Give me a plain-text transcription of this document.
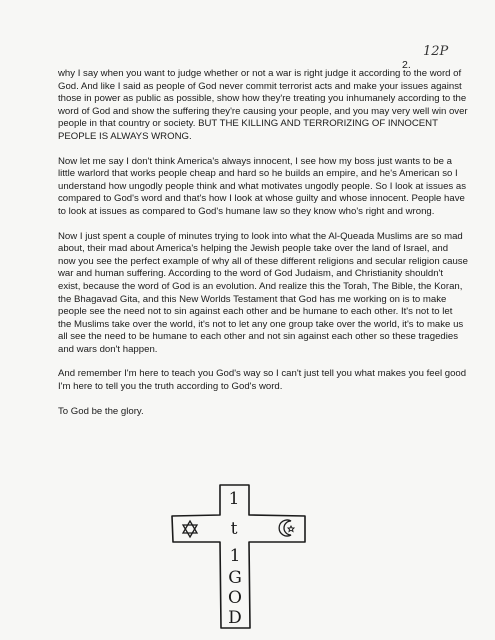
12P
2.

why I say when you want to judge whether or not a war is right judge it according to the word of God. And like I said as people of God never commit terrorist acts and make your issues against those in power as public as possible, show how they're treating you inhumanely according to the word of God and show the suffering they're causing your people, and you may very well win over people in that country or society. BUT THE KILLING AND TERRORIZING OF INNOCENT PEOPLE IS ALWAYS WRONG.

Now let me say I don't think America's always innocent, I see how my boss just wants to be a little warlord that works people cheap and hard so he builds an empire, and he's American so I understand how ungodly people think and what motivates ungodly people. So I look at issues as compared to God's word and that's how I look at whose guilty and whose innocent. People have to look at issues as compared to God's humane law so they know who's right and wrong.

Now I just spent a couple of minutes trying to look into what the Al-Queada Muslims are so mad about, their mad about America's helping the Jewish people take over the land of Israel, and now you see the perfect example of why all of these different religions and secular religion cause war and human suffering. According to the word of God Judaism, and Christianity shouldn't exist, because the word of God is an evolution. And realize this the Torah, The Bible, the Koran, the Bhagavad Gita, and this New Worlds Testament that God has me working on is to make people see the need not to sin against each other and be humane to each other. It's not to let the Muslims take over the world, it's not to let any one group take over the world, it's to make us all see the need to be humane to each other and not sin against each other so these tragedies and wars don't happen.

And remember I'm here to teach you God's way so I can't just tell you what makes you feel good I'm here to tell you the truth according to God's word.

To God be the glory.

1
t
1
G
O
D
